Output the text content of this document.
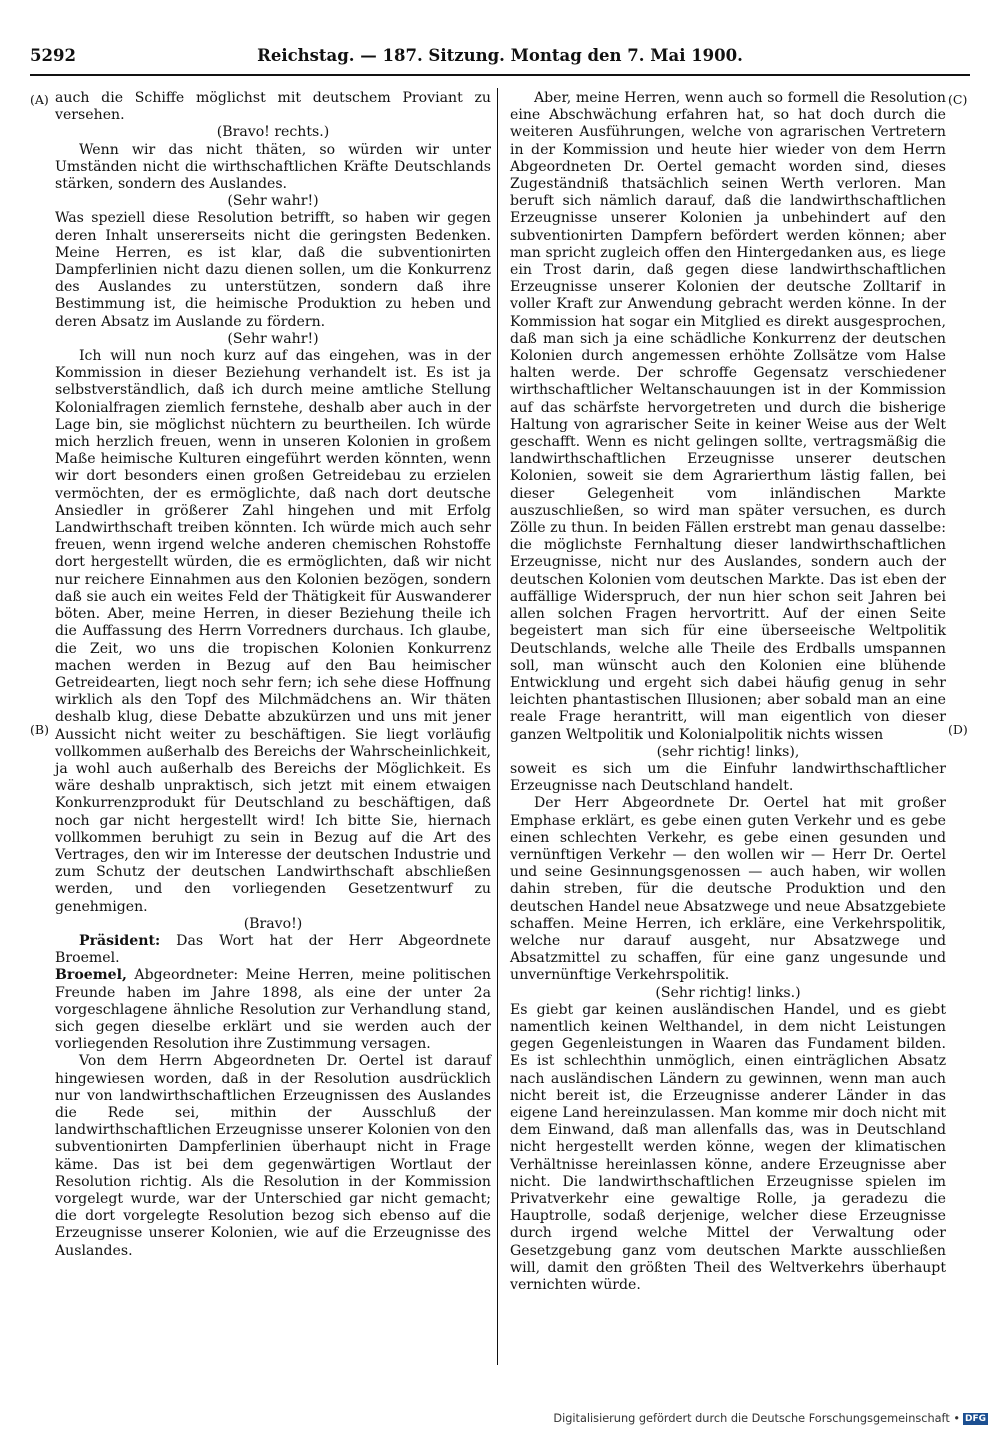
5292	Reichstag. — 187. Sitzung. Montag den 7. Mai 1900.
(A)
(B)
(C)
(D)

auch die Schiffe möglichst mit deutschem Proviant zu versehen.

(Bravo! rechts.)

Wenn wir das nicht thäten, so würden wir unter Umständen nicht die wirthschaftlichen Kräfte Deutschlands stärken, sondern des Auslandes.

(Sehr wahr!)

Was speziell diese Resolution betrifft, so haben wir gegen deren Inhalt unsererseits nicht die geringsten Bedenken. Meine Herren, es ist klar, daß die subventionirten Dampferlinien nicht dazu dienen sollen, um die Konkurrenz des Auslandes zu unterstützen, sondern daß ihre Bestimmung ist, die heimische Produktion zu heben und deren Absatz im Auslande zu fördern.

(Sehr wahr!)

Ich will nun noch kurz auf das eingehen, was in der Kommission in dieser Beziehung verhandelt ist. Es ist ja selbstverständlich, daß ich durch meine amtliche Stellung Kolonialfragen ziemlich fernstehe, deshalb aber auch in der Lage bin, sie möglichst nüchtern zu beurtheilen. Ich würde mich herzlich freuen, wenn in unseren Kolonien in großem Maße heimische Kulturen eingeführt werden könnten, wenn wir dort besonders einen großen Getreidebau zu erzielen vermöchten, der es ermöglichte, daß nach dort deutsche Ansiedler in größerer Zahl hingehen und mit Erfolg Landwirthschaft treiben könnten. Ich würde mich auch sehr freuen, wenn irgend welche anderen chemischen Rohstoffe dort hergestellt würden, die es ermöglichten, daß wir nicht nur reichere Einnahmen aus den Kolonien bezögen, sondern daß sie auch ein weites Feld der Thätigkeit für Auswanderer böten. Aber, meine Herren, in dieser Beziehung theile ich die Auffassung des Herrn Vorredners durchaus. Ich glaube, die Zeit, wo uns die tropischen Kolonien Konkurrenz machen werden in Bezug auf den Bau heimischer Getreidearten, liegt noch sehr fern; ich sehe diese Hoffnung wirklich als den Topf des Milchmädchens an. Wir thäten deshalb klug, diese Debatte abzukürzen und uns mit jener Aussicht nicht weiter zu beschäftigen. Sie liegt vorläufig vollkommen außerhalb des Bereichs der Wahrscheinlichkeit, ja wohl auch außerhalb des Bereichs der Möglichkeit. Es wäre deshalb unpraktisch, sich jetzt mit einem etwaigen Konkurrenzprodukt für Deutschland zu beschäftigen, daß noch gar nicht hergestellt wird! Ich bitte Sie, hiernach vollkommen beruhigt zu sein in Bezug auf die Art des Vertrages, den wir im Interesse der deutschen Industrie und zum Schutz der deutschen Landwirthschaft abschließen werden, und den vorliegenden Gesetzentwurf zu genehmigen.

(Bravo!)

Präsident: Das Wort hat der Herr Abgeordnete Broemel.

Broemel, Abgeordneter: Meine Herren, meine politischen Freunde haben im Jahre 1898, als eine der unter 2a vorgeschlagene ähnliche Resolution zur Verhandlung stand, sich gegen dieselbe erklärt und sie werden auch der vorliegenden Resolution ihre Zustimmung versagen.

Von dem Herrn Abgeordneten Dr. Oertel ist darauf hingewiesen worden, daß in der Resolution ausdrücklich nur von landwirthschaftlichen Erzeugnissen des Auslandes die Rede sei, mithin der Ausschluß der landwirthschaftlichen Erzeugnisse unserer Kolonien von den subventionirten Dampferlinien überhaupt nicht in Frage käme. Das ist bei dem gegenwärtigen Wortlaut der Resolution richtig. Als die Resolution in der Kommission vorgelegt wurde, war der Unterschied gar nicht gemacht; die dort vorgelegte Resolution bezog sich ebenso auf die Erzeugnisse unserer Kolonien, wie auf die Erzeugnisse des Auslandes.

Aber, meine Herren, wenn auch so formell die Resolution eine Abschwächung erfahren hat, so hat doch durch die weiteren Ausführungen, welche von agrarischen Vertretern in der Kommission und heute hier wieder von dem Herrn Abgeordneten Dr. Oertel gemacht worden sind, dieses Zugeständniß thatsächlich seinen Werth verloren. Man beruft sich nämlich darauf, daß die landwirthschaftlichen Erzeugnisse unserer Kolonien ja unbehindert auf den subventionirten Dampfern befördert werden können; aber man spricht zugleich offen den Hintergedanken aus, es liege ein Trost darin, daß gegen diese landwirthschaftlichen Erzeugnisse unserer Kolonien der deutsche Zolltarif in voller Kraft zur Anwendung gebracht werden könne. In der Kommission hat sogar ein Mitglied es direkt ausgesprochen, daß man sich ja eine schädliche Konkurrenz der deutschen Kolonien durch angemessen erhöhte Zollsätze vom Halse halten werde. Der schroffe Gegensatz verschiedener wirthschaftlicher Weltanschauungen ist in der Kommission auf das schärfste hervorgetreten und durch die bisherige Haltung von agrarischer Seite in keiner Weise aus der Welt geschafft. Wenn es nicht gelingen sollte, vertragsmäßig die landwirthschaftlichen Erzeugnisse unserer deutschen Kolonien, soweit sie dem Agrarierthum lästig fallen, bei dieser Gelegenheit vom inländischen Markte auszuschließen, so wird man später versuchen, es durch Zölle zu thun. In beiden Fällen erstrebt man genau dasselbe: die möglichste Fernhaltung dieser landwirthschaftlichen Erzeugnisse, nicht nur des Auslandes, sondern auch der deutschen Kolonien vom deutschen Markte. Das ist eben der auffällige Widerspruch, der nun hier schon seit Jahren bei allen solchen Fragen hervortritt. Auf der einen Seite begeistert man sich für eine überseeische Weltpolitik Deutschlands, welche alle Theile des Erdballs umspannen soll, man wünscht auch den Kolonien eine blühende Entwicklung und ergeht sich dabei häufig genug in sehr leichten phantastischen Illusionen; aber sobald man an eine reale Frage herantritt, will man eigentlich von dieser ganzen Weltpolitik und Kolonialpolitik nichts wissen

(sehr richtig! links),

soweit es sich um die Einfuhr landwirthschaftlicher Erzeugnisse nach Deutschland handelt.

Der Herr Abgeordnete Dr. Oertel hat mit großer Emphase erklärt, es gebe einen guten Verkehr und es gebe einen schlechten Verkehr, es gebe einen gesunden und vernünftigen Verkehr — den wollen wir — Herr Dr. Oertel und seine Gesinnungsgenossen — auch haben, wir wollen dahin streben, für die deutsche Produktion und den deutschen Handel neue Absatzwege und neue Absatzgebiete schaffen. Meine Herren, ich erkläre, eine Verkehrspolitik, welche nur darauf ausgeht, nur Absatzwege und Absatzmittel zu schaffen, für eine ganz ungesunde und unvernünftige Verkehrspolitik.

(Sehr richtig! links.)

Es giebt gar keinen ausländischen Handel, und es giebt namentlich keinen Welthandel, in dem nicht Leistungen gegen Gegenleistungen in Waaren das Fundament bilden. Es ist schlechthin unmöglich, einen einträglichen Absatz nach ausländischen Ländern zu gewinnen, wenn man auch nicht bereit ist, die Erzeugnisse anderer Länder in das eigene Land hereinzulassen. Man komme mir doch nicht mit dem Einwand, daß man allenfalls das, was in Deutschland nicht hergestellt werden könne, wegen der klimatischen Verhältnisse hereinlassen könne, andere Erzeugnisse aber nicht. Die landwirthschaftlichen Erzeugnisse spielen im Privatverkehr eine gewaltige Rolle, ja geradezu die Hauptrolle, sodaß derjenige, welcher diese Erzeugnisse durch irgend welche Mittel der Verwaltung oder Gesetzgebung ganz vom deutschen Markte ausschließen will, damit den größten Theil des Weltverkehrs überhaupt vernichten würde.

Digitalisierung gefördert durch die Deutsche Forschungsgemeinschaft • DFG
